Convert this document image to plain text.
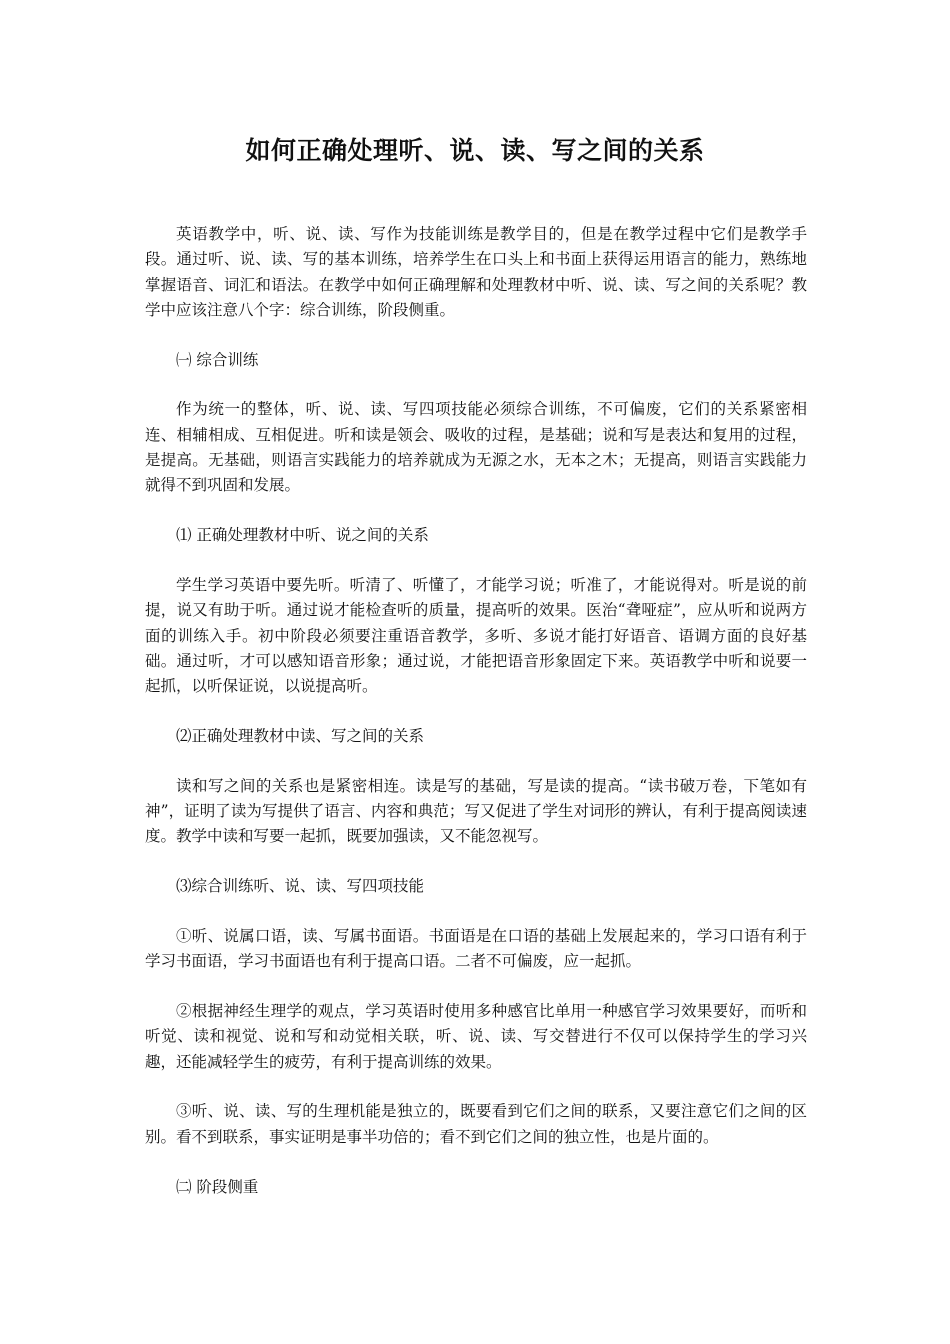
如何正确处理听、说、读、写之间的关系

英语教学中，听、说、读、写作为技能训练是教学目的，但是在教学过程中它们是教学手段。通过听、说、读、写的基本训练，培养学生在口头上和书面上获得运用语言的能力，熟练地掌握语音、词汇和语法。在教学中如何正确理解和处理教材中听、说、读、写之间的关系呢？教学中应该注意八个字：综合训练，阶段侧重。

㈠ 综合训练

作为统一的整体，听、说、读、写四项技能必须综合训练，不可偏废，它们的关系紧密相连、相辅相成、互相促进。听和读是领会、吸收的过程，是基础；说和写是表达和复用的过程，是提高。无基础，则语言实践能力的培养就成为无源之水，无本之木；无提高，则语言实践能力就得不到巩固和发展。

⑴ 正确处理教材中听、说之间的关系

学生学习英语中要先听。听清了、听懂了，才能学习说；听准了，才能说得对。听是说的前提，说又有助于听。通过说才能检查听的质量，提高听的效果。医治“聋哑症”，应从听和说两方面的训练入手。初中阶段必须要注重语音教学，多听、多说才能打好语音、语调方面的良好基础。通过听，才可以感知语音形象；通过说，才能把语音形象固定下来。英语教学中听和说要一起抓，以听保证说，以说提高听。

⑵正确处理教材中读、写之间的关系

读和写之间的关系也是紧密相连。读是写的基础，写是读的提高。“读书破万卷，下笔如有神”，证明了读为写提供了语言、内容和典范；写又促进了学生对词形的辨认，有利于提高阅读速度。教学中读和写要一起抓，既要加强读，又不能忽视写。

⑶综合训练听、说、读、写四项技能

①听、说属口语，读、写属书面语。书面语是在口语的基础上发展起来的，学习口语有利于学习书面语，学习书面语也有利于提高口语。二者不可偏废，应一起抓。

②根据神经生理学的观点，学习英语时使用多种感官比单用一种感官学习效果要好，而听和听觉、读和视觉、说和写和动觉相关联，听、说、读、写交替进行不仅可以保持学生的学习兴趣，还能减轻学生的疲劳，有利于提高训练的效果。

③听、说、读、写的生理机能是独立的，既要看到它们之间的联系，又要注意它们之间的区别。看不到联系，事实证明是事半功倍的；看不到它们之间的独立性，也是片面的。

㈡ 阶段侧重
